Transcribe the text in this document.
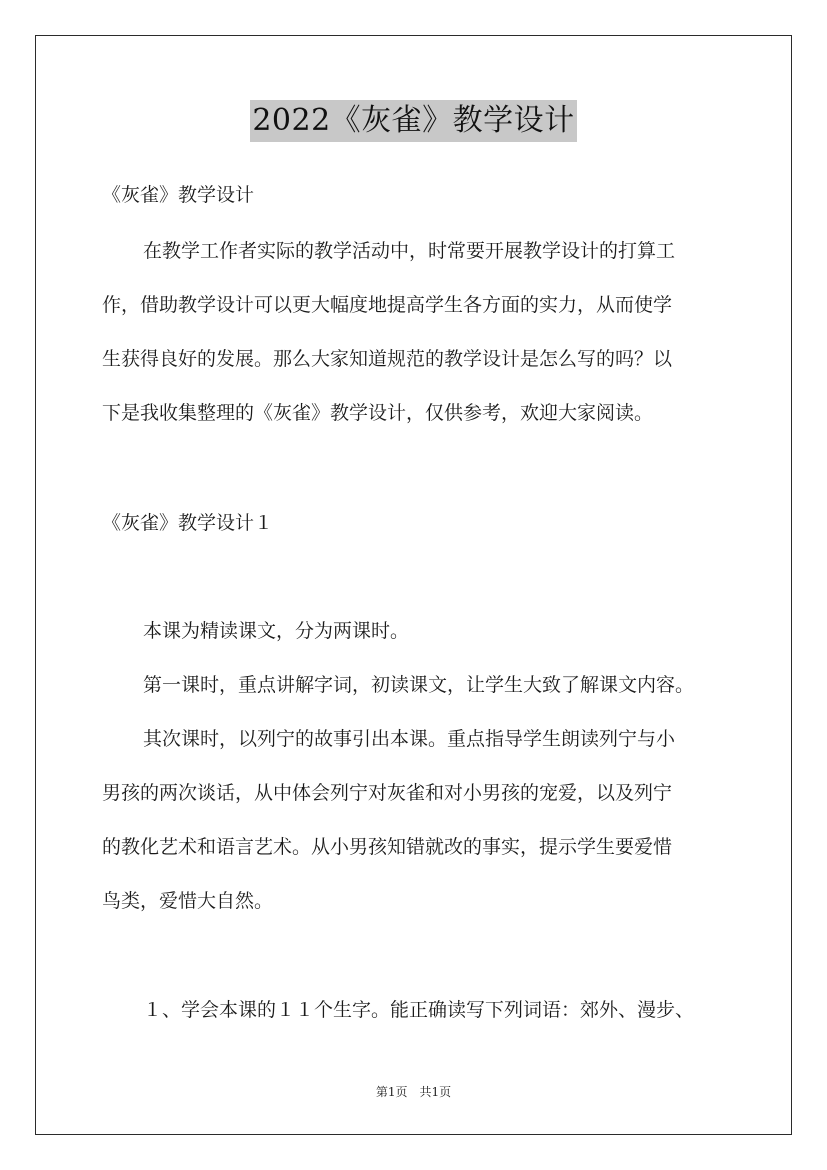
2022《灰雀》教学设计
《灰雀》教学设计
在教学工作者实际的教学活动中，时常要开展教学设计的打算工
作，借助教学设计可以更大幅度地提高学生各方面的实力，从而使学
生获得良好的发展。那么大家知道规范的教学设计是怎么写的吗？以
下是我收集整理的《灰雀》教学设计，仅供参考，欢迎大家阅读。
《灰雀》教学设计１
本课为精读课文，分为两课时。
第一课时，重点讲解字词，初读课文，让学生大致了解课文内容。
其次课时，以列宁的故事引出本课。重点指导学生朗读列宁与小
男孩的两次谈话，从中体会列宁对灰雀和对小男孩的宠爱，以及列宁
的教化艺术和语言艺术。从小男孩知错就改的事实，提示学生要爱惜
鸟类，爱惜大自然。
１、学会本课的１１个生字。能正确读写下列词语：郊外、漫步、
第1页　共1页
